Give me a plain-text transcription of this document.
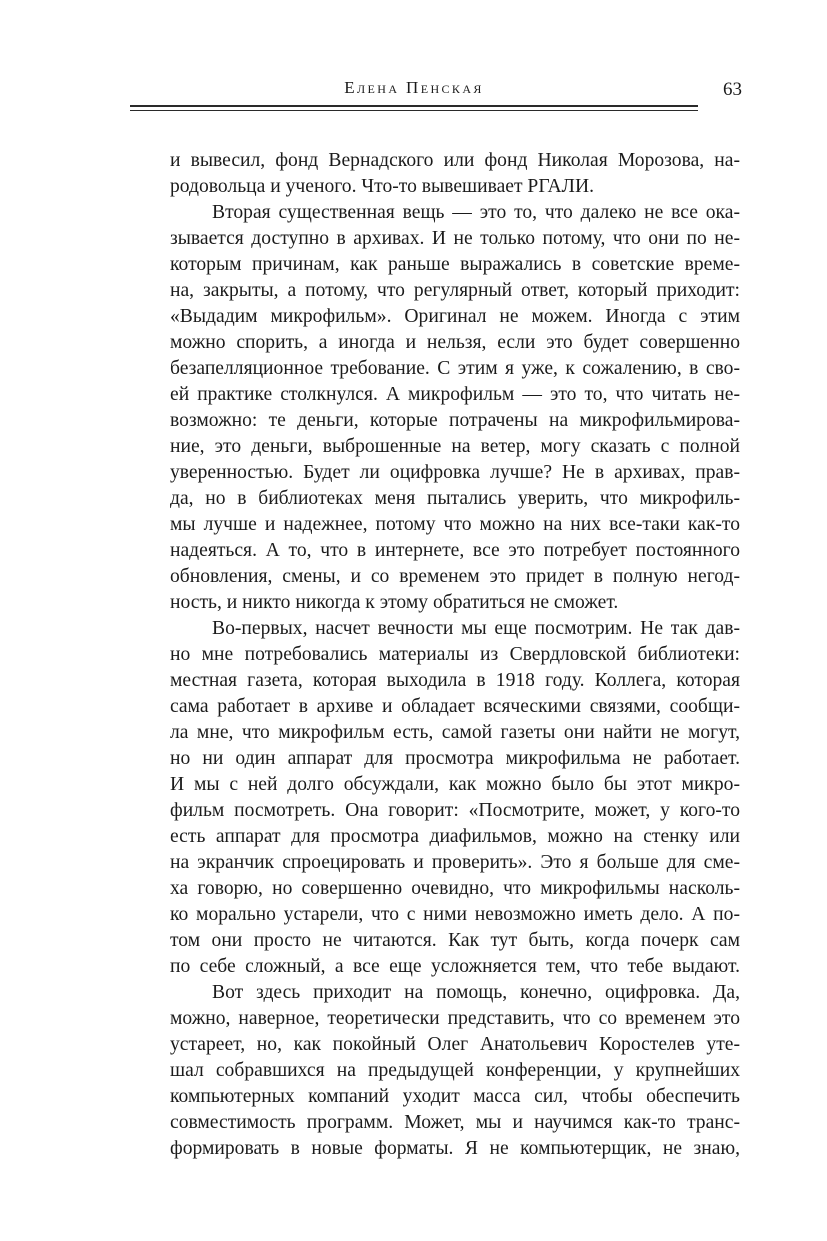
Елена Пенская	63
и вывесил, фонд Вернадского или фонд Николая Морозова, на-
родовольца и ученого. Что-то вывешивает РГАЛИ.
Вторая существенная вещь — это то, что далеко не все ока-
зывается доступно в архивах. И не только потому, что они по не-
которым причинам, как раньше выражались в советские време-
на, закрыты, а потому, что регулярный ответ, который приходит:
«Выдадим микрофильм». Оригинал не можем. Иногда с этим
можно спорить, а иногда и нельзя, если это будет совершенно
безапелляционное требование. С этим я уже, к сожалению, в сво-
ей практике столкнулся. А микрофильм — это то, что читать не-
возможно: те деньги, которые потрачены на микрофильмирова-
ние, это деньги, выброшенные на ветер, могу сказать с полной
уверенностью. Будет ли оцифровка лучше? Не в архивах, прав-
да, но в библиотеках меня пытались уверить, что микрофиль-
мы лучше и надежнее, потому что можно на них все-таки как-то
надеяться. А то, что в интернете, все это потребует постоянного
обновления, смены, и со временем это придет в полную негод-
ность, и никто никогда к этому обратиться не сможет.
Во-первых, насчет вечности мы еще посмотрим. Не так дав-
но мне потребовались материалы из Свердловской библиотеки:
местная газета, которая выходила в 1918 году. Коллега, которая
сама работает в архиве и обладает всяческими связями, сообщи-
ла мне, что микрофильм есть, самой газеты они найти не могут,
но ни один аппарат для просмотра микрофильма не работает.
И мы с ней долго обсуждали, как можно было бы этот микро-
фильм посмотреть. Она говорит: «Посмотрите, может, у кого-то
есть аппарат для просмотра диафильмов, можно на стенку или
на экранчик спроецировать и проверить». Это я больше для сме-
ха говорю, но совершенно очевидно, что микрофильмы насколь-
ко морально устарели, что с ними невозможно иметь дело. А по-
том они просто не читаются. Как тут быть, когда почерк сам
по себе сложный, а все еще усложняется тем, что тебе выдают.
Вот здесь приходит на помощь, конечно, оцифровка. Да,
можно, наверное, теоретически представить, что со временем это
устареет, но, как покойный Олег Анатольевич Коростелев уте-
шал собравшихся на предыдущей конференции, у крупнейших
компьютерных компаний уходит масса сил, чтобы обеспечить
совместимость программ. Может, мы и научимся как-то транс-
формировать в новые форматы. Я не компьютерщик, не знаю,
